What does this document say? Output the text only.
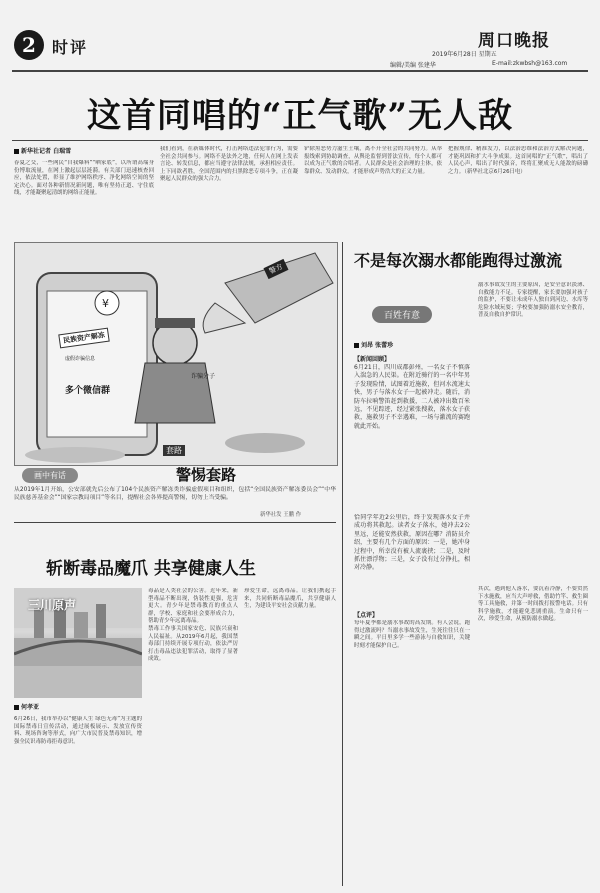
2	时评	周口晚报
2019年6月28日 星期五
编辑/美编 张建华	E-mail:zkwbsh@163.com
这首同唱的“正气歌”无人敌
新华社记者 白瑞雪
春夏之交，一些网民“自我爆料”“晒家底”，以所谓高端身份博取流量，在网上激起层层涟漪。有关部门迅速核查回应，依法处置，彰显了维护网络秩序、净化网络空间的坚定决心。面对各种新情况新问题，唯有坚持正道、守住底线，才能凝聚起清朗的网络正能量。
我们看到，在新媒体时代，打击网络违法犯罪行为，需要全社会共同参与。网络不是法外之地，任何人在网上发表言论、转发信息，都应当遵守法律法规，承担相应责任。上下同欲者胜，全国范围内的扫黑除恶专项斗争，正在凝聚起人民群众的强大合力。
铲除黑恶势力滋生土壤，离不开全社会的共同努力。从举报线索到协助调查，从舆论监督到普法宣传，每个人都可以成为正气歌的合唱者。人民群众是社会治理的主体，依靠群众、发动群众，才能形成声势浩大的正义力量。
把握规律、精准发力，以法治思维和法治方式解决问题，才能巩固和扩大斗争成果。这首同唱的“正气歌”，唱出了人民心声，唱出了时代强音，终将汇聚成无人能敌的磅礴之力。（新华社北京6月26日电）
¥
民族资产解冻
警方
诈骗分子
多个微信群
虚假诈骗信息
套路
画中有话	警惕套路
从2019年1月开始，公安部就先后公布了104个民族资产解冻类诈骗虚假项目和组织，包括“全国民族资产解冻委员会”“中华民族慈善基金会”“国家宗教局项目”等名目，提醒社会各界提高警惕，切勿上当受骗。
新华社发 王鹏 作
斩断毒品魔爪 共享健康人生
三川原声
何孝亚
6月26日，我市举办以“健康人生 绿色无毒”为主题的国际禁毒日宣传活动，通过展板展示、发放宣传资料、现场咨询等形式，向广大市民普及禁毒知识，增强全民识毒防毒拒毒意识。
毒品是人类社会的公害。近年来，新型毒品不断出现，伪装性更强，危害更大。青少年是禁毒教育的重点人群，学校、家庭和社会要形成合力，帮助青少年远离毒品。
禁毒工作事关国家安危、民族兴衰和人民福祉。从2019年6月起，我国禁毒部门持续开展专项行动，依法严厉打击毒品违法犯罪活动，取得了显著成效。
珍爱生命，远离毒品。让我们携起手来，共同斩断毒品魔爪，共享健康人生，为建设平安社会贡献力量。
不是每次溺水都能跑得过激流
百姓有意
刘昂 张蕾珍
【新闻回顾】
6月21日，四川成都彭州，一名女子不慎落入湍急的人民渠。在附近骑行的一名中年男子发现险情，试图着近施救，但河水流速太快，男子与落水女子一起被冲走。随后，消防车拉响警笛赶到救援，二人被冲出数百米远，不见踪迹，经过紧张搜救，落水女子获救，施救男子不幸遇难，一场与激流的赛跑就此开始。
恰同学年近2公里后，终于发现落水女子并成功将其救起。读者女子落水，她冲去2公里远，还能安然获救，原因在哪？消防员介绍，主要有几个方面的原因：一是，她冲身过程中，所幸没有被人流裹挟；二是，及时抓住漂浮物；三是，女子没有过分挣扎，相对冷静。
【点评】
每年夏季都是溺水事故的高发期。有人会说，跑得过激流吗？当溺水事故发生，生死往往只在一瞬之间。平日里多学一些游泳与自救知识，关键时刻才能保护自己。
溺水事故发生的主要原因，是安全意识淡薄、自救能力不足。专家提醒，家长要加强对孩子的监护，不要让未成年人独自到河边、水库等危险水域玩耍；学校要加强防溺水安全教育，普及自救自护常识。
其次，遇到他人落水，要沉着冷静，不要贸然下水施救，应当大声呼救，借助竹竿、救生圈等工具施救，并第一时间拨打报警电话。只有科学施救，才能避免悲剧重演。生命只有一次，珍爱生命，从预防溺水做起。
